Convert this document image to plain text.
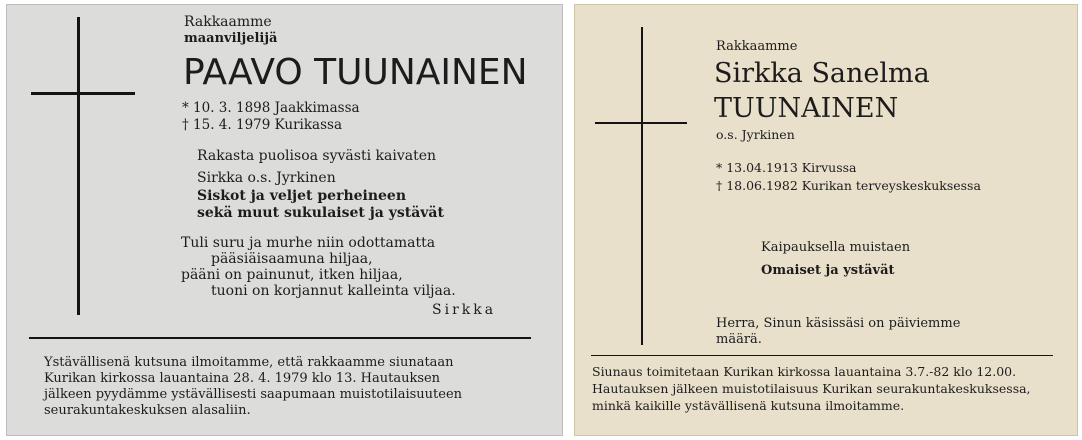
Rakkaamme
maanviljelijä
PAAVO TUUNAINEN
* 10. 3. 1898 Jaakkimassa
† 15. 4. 1979 Kurikassa
Rakasta puolisoa syvästi kaivaten
Sirkka o.s. Jyrkinen
Siskot ja veljet perheineen
sekä muut sukulaiset ja ystävät
Tuli suru ja murhe niin odottamatta
pääsiäisaamuna hiljaa,
pääni on painunut, itken hiljaa,
tuoni on korjannut kalleinta viljaa.
Sirkka
Ystävällisenä kutsuna ilmoitamme, että rakkaamme siunataan
Kurikan kirkossa lauantaina 28. 4. 1979 klo 13. Hautauksen
jälkeen pyydämme ystävällisesti saapumaan muistotilaisuuteen
seurakuntakeskuksen alasaliin.
Rakkaamme
Sirkka Sanelma
TUUNAINEN
o.s. Jyrkinen
* 13.04.1913 Kirvussa
† 18.06.1982 Kurikan terveyskeskuksessa
Kaipauksella muistaen
Omaiset ja ystävät
Herra, Sinun käsissäsi on päiviemme
määrä.
Siunaus toimitetaan Kurikan kirkossa lauantaina 3.7.-82 klo 12.00.
Hautauksen jälkeen muistotilaisuus Kurikan seurakuntakeskuksessa,
minkä kaikille ystävällisenä kutsuna ilmoitamme.
